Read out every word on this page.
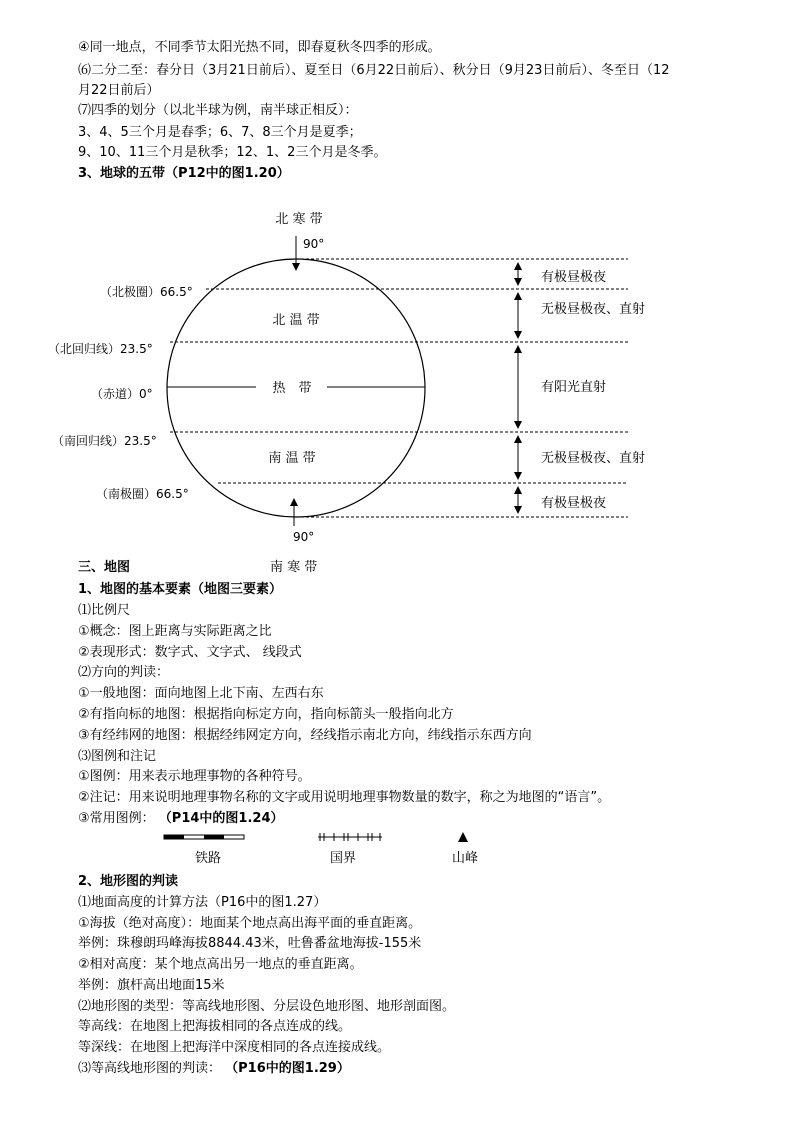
④同一地点，不同季节太阳光热不同，即春夏秋冬四季的形成。
⑹二分二至：春分日（3月21日前后）、夏至日（6月22日前后）、秋分日（9月23日前后）、冬至日（12
月22日前后）
⑺四季的划分（以北半球为例，南半球正相反）：
3、4、5三个月是春季；6、7、8三个月是夏季；
9、10、11三个月是秋季；12、1、2三个月是冬季。
3、地球的五带（P12中的图1.20）
北 寒 带
90°
90°
北 温 带
热　带
南 温 带
（北极圈）66.5°
（北回归线）23.5°
（赤道）0°
（南回归线）23.5°
（南极圈）66.5°
有极昼极夜
无极昼极夜、直射
有阳光直射
无极昼极夜、直射
有极昼极夜
三、地图	南 寒 带
1、地图的基本要素（地图三要素）
⑴比例尺
①概念：图上距离与实际距离之比
②表现形式：数字式、文字式、 线段式
⑵方向的判读：
①一般地图：面向地图上北下南、左西右东
②有指向标的地图：根据指向标定方向，指向标箭头一般指向北方
③有经纬网的地图：根据经纬网定方向，经线指示南北方向，纬线指示东西方向
⑶图例和注记
①图例：用来表示地理事物的各种符号。
②注记：用来说明地理事物名称的文字或用说明地理事物数量的数字，称之为地图的“语言”。
③常用图例： （P14中的图1.24）
铁路	国界	山峰
2、地形图的判读
⑴地面高度的计算方法（P16中的图1.27）
①海拔（绝对高度）：地面某个地点高出海平面的垂直距离。
举例：珠穆朗玛峰海拔8844.43米，吐鲁番盆地海拔-155米
②相对高度：某个地点高出另一地点的垂直距离。
举例：旗杆高出地面15米
⑵地形图的类型：等高线地形图、分层设色地形图、地形剖面图。
等高线：在地图上把海拔相同的各点连成的线。
等深线：在地图上把海洋中深度相同的各点连接成线。
⑶等高线地形图的判读： （P16中的图1.29）
